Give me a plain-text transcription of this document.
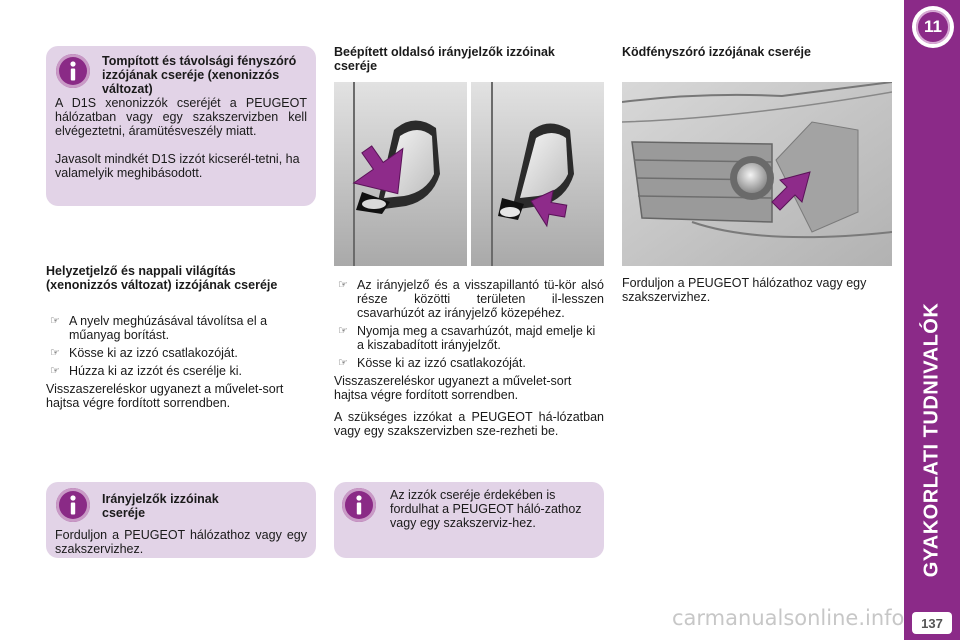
Tompított és távolsági fényszóró izzójának cseréje (xenonizzós változat)

A D1S xenonizzók cseréjét a PEUGEOT hálózatban vagy egy szakszervizben kell elvégeztetni, áramütésveszély miatt.

Javasolt mindkét D1S izzót kicserél-tetni, ha valamelyik meghibásodott.

Helyzetjelző és nappali világítás (xenonizzós változat) izzójának cseréje
☞ A nyelv meghúzásával távolítsa el a műanyag borítást.
☞ Kösse ki az izzó csatlakozóját.
☞ Húzza ki az izzót és cserélje ki.

Visszaszereléskor ugyanezt a művelet-sort hajtsa végre fordított sorrendben.

Irányjelzők izzóinak cseréje

Forduljon a PEUGEOT hálózathoz vagy egy szakszervizhez.

Beépített oldalsó irányjelzők izzóinak cseréje
☞ Az irányjelző és a visszapillantó tü-kör alsó része közötti területen il-lesszen csavarhúzót az irányjelző közepéhez.
☞ Nyomja meg a csavarhúzót, majd emelje ki a kiszabadított irányjelzőt.
☞ Kösse ki az izzó csatlakozóját.

Visszaszereléskor ugyanezt a művelet-sort hajtsa végre fordított sorrendben.

A szükséges izzókat a PEUGEOT há-lózatban vagy egy szakszervizben sze-rezheti be.

Az izzók cseréje érdekében is fordulhat a PEUGEOT háló-zathoz vagy egy szakszerviz-hez.

Ködfényszóró izzójának cseréje

Forduljon a PEUGEOT hálózathoz vagy egy szakszervizhez.

11
GYAKORLATI TUDNIVALÓK
137
carmanualsonline.info
